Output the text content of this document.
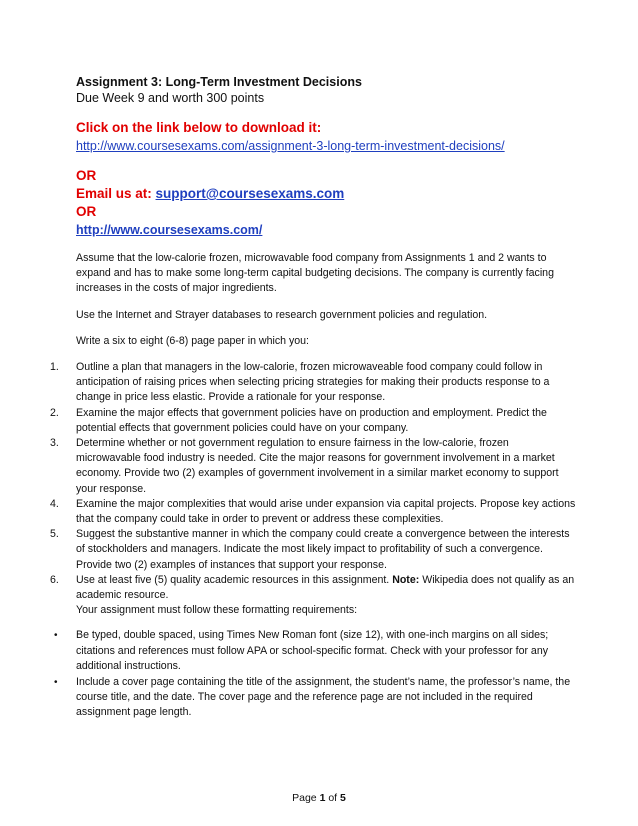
Assignment 3: Long-Term Investment Decisions

Due Week 9 and worth 300 points

Click on the link below to download it:
http://www.coursesexams.com/assignment-3-long-term-investment-decisions/
OR
Email us at: support@coursesexams.com
OR
http://www.coursesexams.com/

Assume that the low-calorie frozen, microwavable food company from Assignments 1 and 2 wants to expand and has to make some long-term capital budgeting decisions. The company is currently facing increases in the costs of major ingredients.

Use the Internet and Strayer databases to research government policies and regulation.

Write a six to eight (6-8) page paper in which you:

1. Outline a plan that managers in the low-calorie, frozen microwaveable food company could follow in anticipation of raising prices when selecting pricing strategies for making their products response to a change in price less elastic. Provide a rationale for your response.
2. Examine the major effects that government policies have on production and employment. Predict the potential effects that government policies could have on your company.
3. Determine whether or not government regulation to ensure fairness in the low-calorie, frozen microwavable food industry is needed. Cite the major reasons for government involvement in a market economy. Provide two (2) examples of government involvement in a similar market economy to support your response.
4. Examine the major complexities that would arise under expansion via capital projects. Propose key actions that the company could take in order to prevent or address these complexities.
5. Suggest the substantive manner in which the company could create a convergence between the interests of stockholders and managers. Indicate the most likely impact to profitability of such a convergence. Provide two (2) examples of instances that support your response.
6. Use at least five (5) quality academic resources in this assignment. Note: Wikipedia does not qualify as an academic resource.

Your assignment must follow these formatting requirements:

• Be typed, double spaced, using Times New Roman font (size 12), with one-inch margins on all sides; citations and references must follow APA or school-specific format. Check with your professor for any additional instructions.
• Include a cover page containing the title of the assignment, the student’s name, the professor’s name, the course title, and the date. The cover page and the reference page are not included in the required assignment page length.
Page 1 of 5
